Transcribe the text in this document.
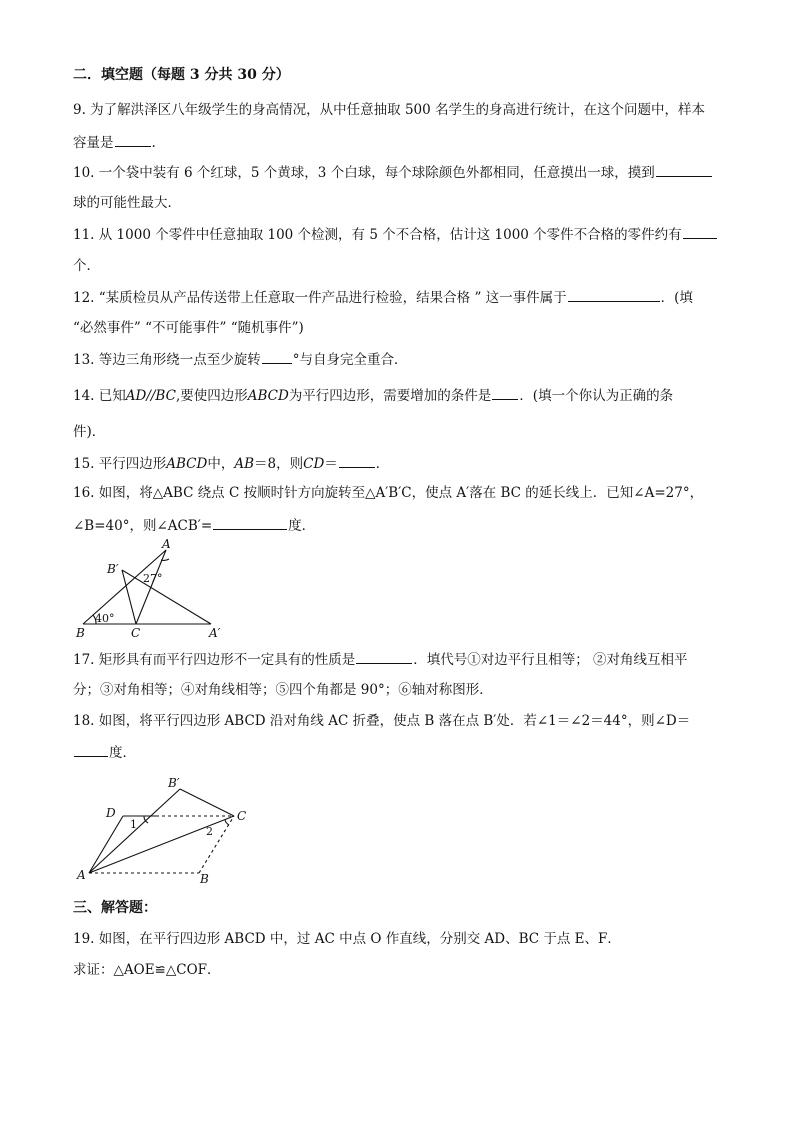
二．填空题（每题 3 分共 30 分）
9. 为了解洪泽区八年级学生的身高情况，从中任意抽取 500 名学生的身高进行统计，在这个问题中，样本
容量是	.
10. 一个袋中装有 6 个红球，5 个黄球，3 个白球，每个球除颜色外都相同，任意摸出一球，摸到
球的可能性最大．
11. 从 1000 个零件中任意抽取 100 个检测，有 5 个不合格，估计这 1000 个零件不合格的零件约有
个．
12. “某质检员从产品传送带上任意取一件产品进行检验，结果合格 ” 这一事件属于	．(填
“必然事件” “不可能事件” “随机事件”)
13. 等边三角形绕一点至少旋转 °与自身完全重合．
14. 已知AD//BC,要使四边形ABCD为平行四边形，需要增加的条件是 ．(填一个你认为正确的条
件)．
15. 平行四边形ABCD中，AB＝8，则CD＝	．
16. 如图，将△ABC 绕点 C 按顺时针方向旋转至△A′B′C，使点 A′落在 BC 的延长线上．已知∠A=27°，
∠B=40°，则∠ACB′=	度．
A
B′
27°
40°
B	C	A′
17. 矩形具有而平行四边形不一定具有的性质是	．填代号①对边平行且相等； ②对角线互相平
分；③对角相等；④对角线相等；⑤四个角都是 90°；⑥轴对称图形．
18. 如图，将平行四边形 ABCD 沿对角线 AC 折叠，使点 B 落在点 B′处．若∠1＝∠2＝44°，则∠D＝
度．
D
B′
C
1
2
A	B
三、解答题：
19. 如图，在平行四边形 ABCD 中，过 AC 中点 O 作直线，分别交 AD、BC 于点 E、F．
求证：△AOE≌△COF．
